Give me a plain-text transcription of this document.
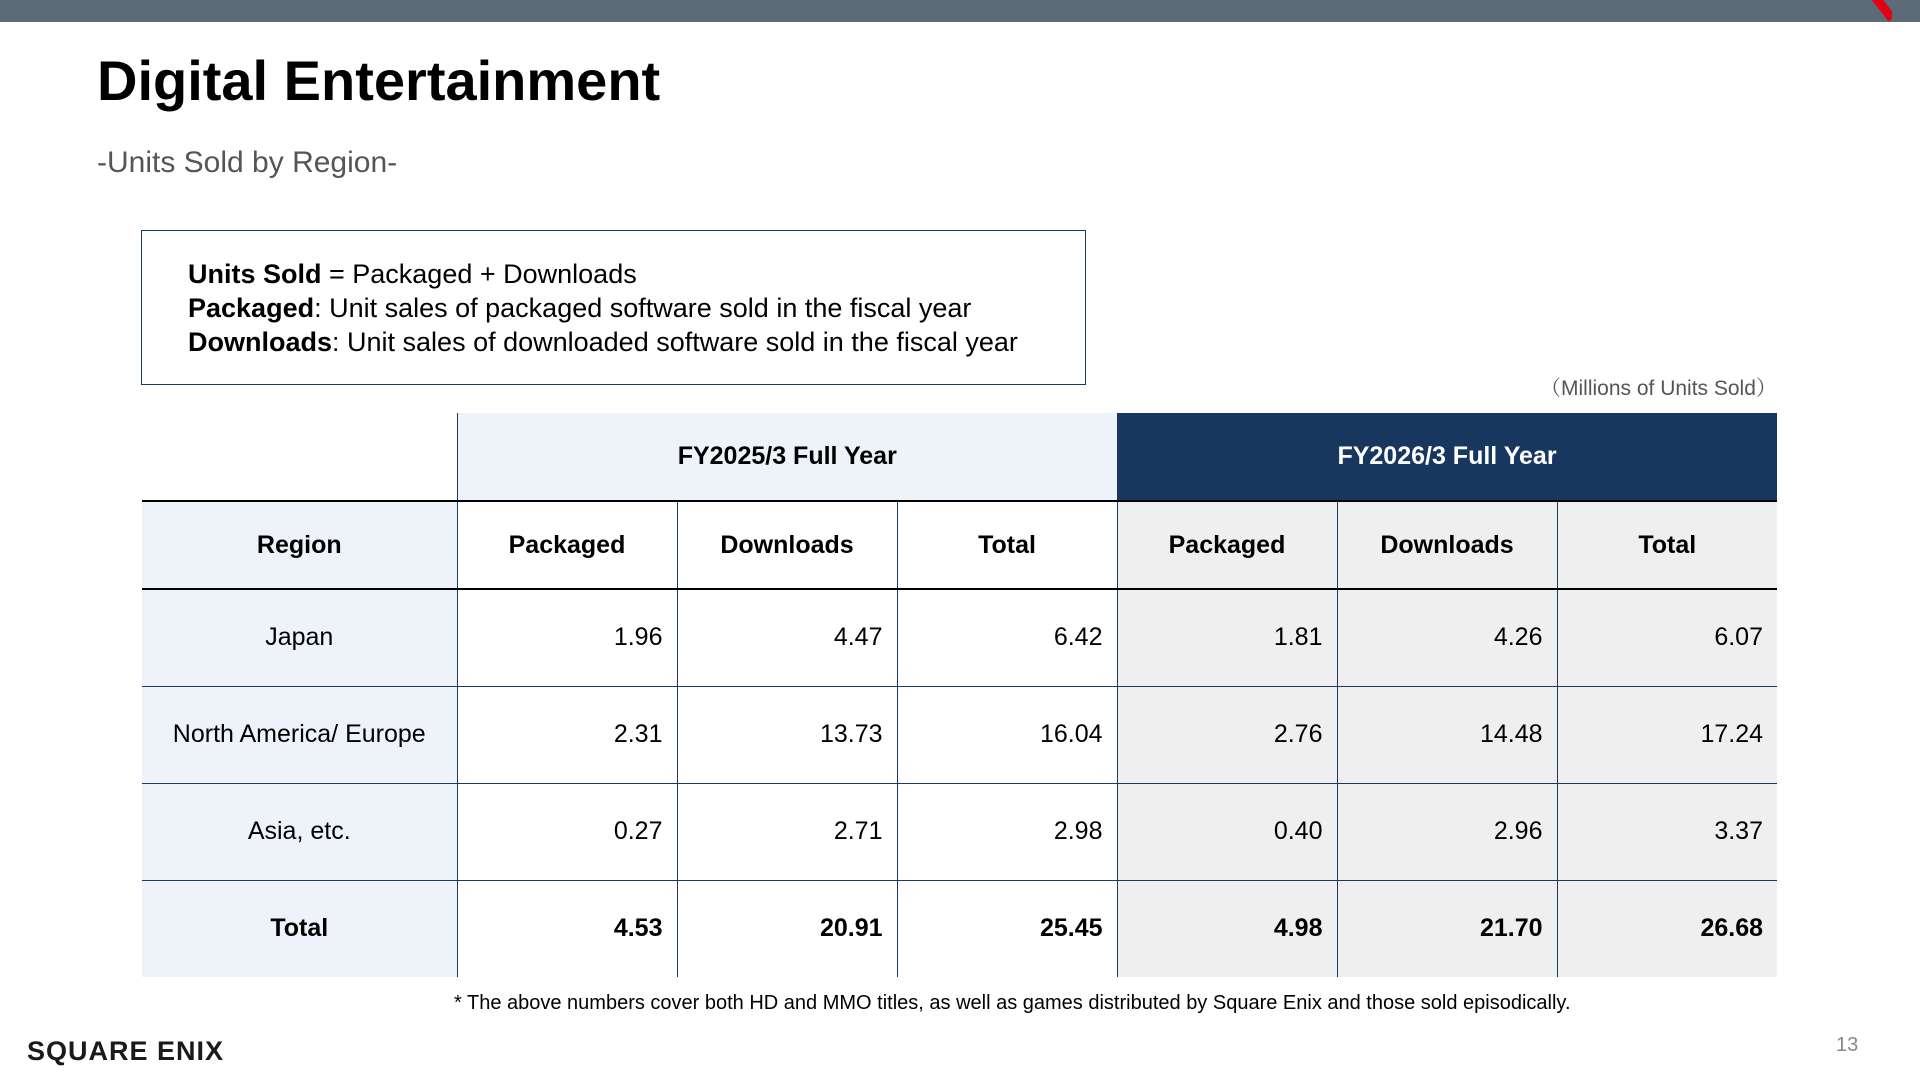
Digital Entertainment
-Units Sold by Region-
Units Sold = Packaged + Downloads
Packaged: Unit sales of packaged software sold in the fiscal year
Downloads: Unit sales of downloaded software sold in the fiscal year
（Millions of Units Sold）
	FY2025/3 Full Year			FY2026/3 Full Year		
Region	Packaged	Downloads	Total	Packaged	Downloads	Total
Japan	1.96	4.47	6.42	1.81	4.26	6.07
North America/ Europe	2.31	13.73	16.04	2.76	14.48	17.24
Asia, etc.	0.27	2.71	2.98	0.40	2.96	3.37
Total	4.53	20.91	25.45	4.98	21.70	26.68
* The above numbers cover both HD and MMO titles, as well as games distributed by Square Enix and those sold episodically.
SQUARE ENIX	13
